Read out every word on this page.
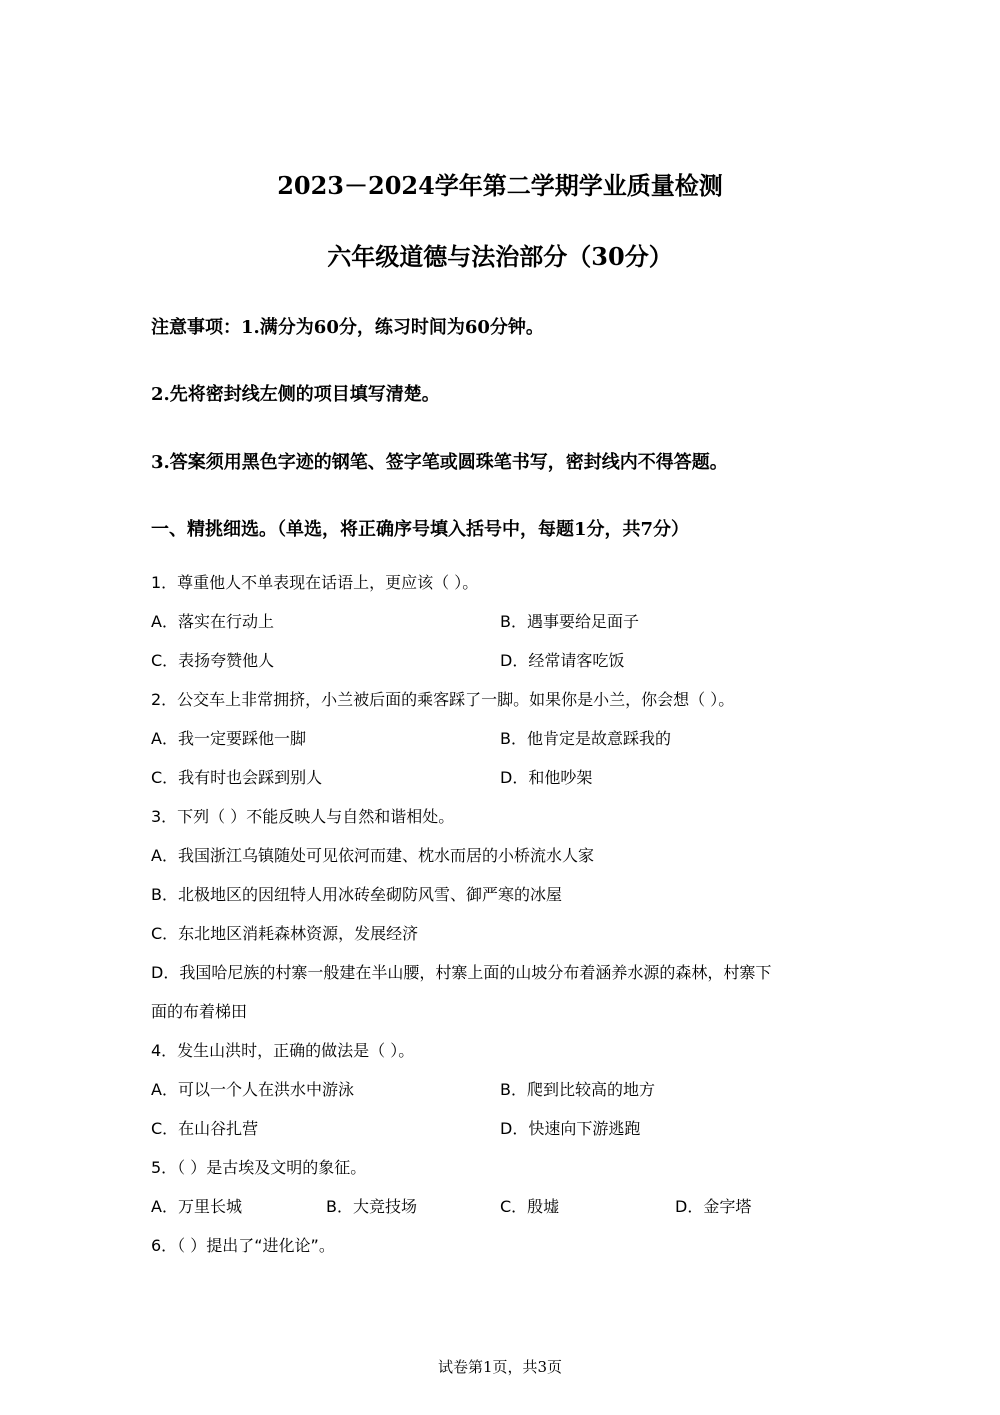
2023－2024学年第二学期学业质量检测
六年级道德与法治部分（30分）
注意事项：1.满分为60分，练习时间为60分钟。
2.先将密封线左侧的项目填写清楚。
3.答案须用黑色字迹的钢笔、签字笔或圆珠笔书写，密封线内不得答题。
一、精挑细选。（单选，将正确序号填入括号中，每题1分，共7分）
1．尊重他人不单表现在话语上，更应该（ ）。
A．落实在行动上	B．遇事要给足面子
C．表扬夸赞他人	D．经常请客吃饭
2．公交车上非常拥挤，小兰被后面的乘客踩了一脚。如果你是小兰，你会想（ ）。
A．我一定要踩他一脚	B．他肯定是故意踩我的
C．我有时也会踩到别人	D．和他吵架
3．下列（ ）不能反映人与自然和谐相处。
A．我国浙江乌镇随处可见依河而建、枕水而居的小桥流水人家
B．北极地区的因纽特人用冰砖垒砌防风雪、御严寒的冰屋
C．东北地区消耗森林资源，发展经济
D．我国哈尼族的村寨一般建在半山腰，村寨上面的山坡分布着涵养水源的森林，村寨下
面的布着梯田
4．发生山洪时，正确的做法是（ ）。
A．可以一个人在洪水中游泳	B．爬到比较高的地方
C．在山谷扎营	D．快速向下游逃跑
5．（ ）是古埃及文明的象征。
A．万里长城	B．大竞技场	C．殷墟	D．金字塔
6．（ ）提出了“进化论”。
试卷第1页，共3页
